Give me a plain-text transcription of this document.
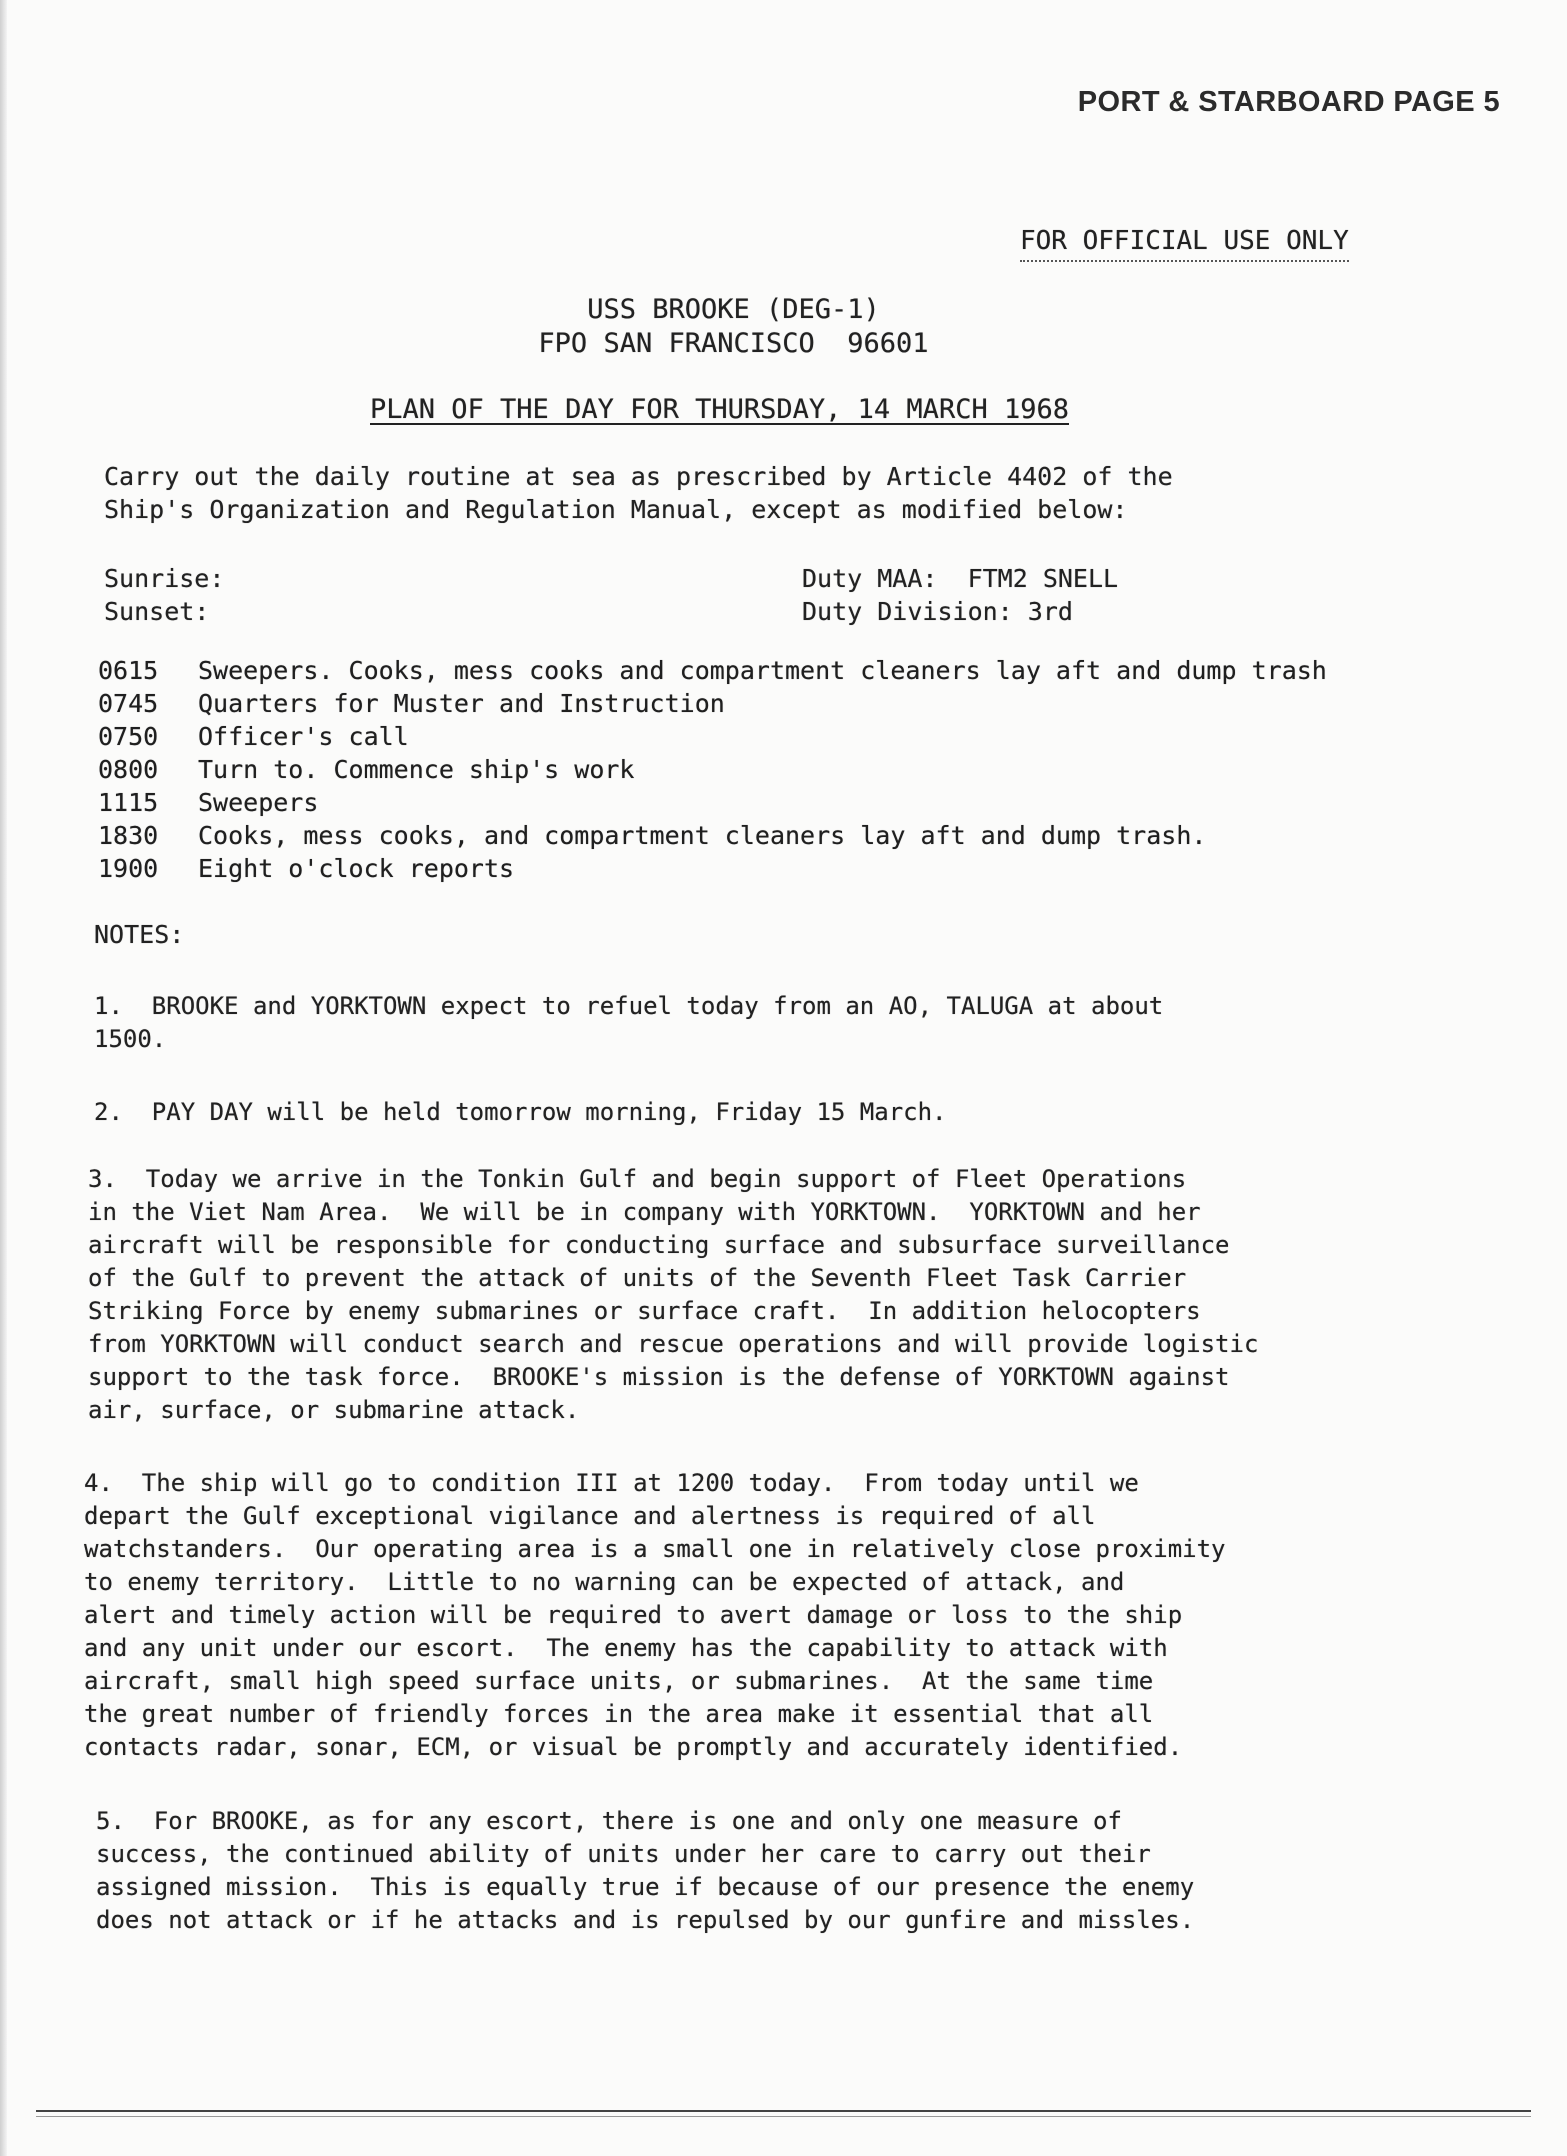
PORT & STARBOARD PAGE 5
FOR OFFICIAL USE ONLY
USS BROOKE (DEG-1)
FPO SAN FRANCISCO  96601
PLAN OF THE DAY FOR THURSDAY, 14 MARCH 1968
Carry out the daily routine at sea as prescribed by Article 4402 of the
Ship's Organization and Regulation Manual, except as modified below:
Sunrise:
Sunset:
Duty MAA:  FTM2 SNELL
Duty Division: 3rd
0615 Sweepers. Cooks, mess cooks and compartment cleaners lay aft and dump trash
0745 Quarters for Muster and Instruction
0750 Officer's call
0800 Turn to. Commence ship's work
1115 Sweepers
1830 Cooks, mess cooks, and compartment cleaners lay aft and dump trash.
1900 Eight o'clock reports
NOTES:
1.  BROOKE and YORKTOWN expect to refuel today from an AO, TALUGA at about
1500.
2.  PAY DAY will be held tomorrow morning, Friday 15 March.
3.  Today we arrive in the Tonkin Gulf and begin support of Fleet Operations
in the Viet Nam Area.  We will be in company with YORKTOWN.  YORKTOWN and her
aircraft will be responsible for conducting surface and subsurface surveillance
of the Gulf to prevent the attack of units of the Seventh Fleet Task Carrier
Striking Force by enemy submarines or surface craft.  In addition helocopters
from YORKTOWN will conduct search and rescue operations and will provide logistic
support to the task force.  BROOKE's mission is the defense of YORKTOWN against
air, surface, or submarine attack.
4.  The ship will go to condition III at 1200 today.  From today until we
depart the Gulf exceptional vigilance and alertness is required of all
watchstanders.  Our operating area is a small one in relatively close proximity
to enemy territory.  Little to no warning can be expected of attack, and
alert and timely action will be required to avert damage or loss to the ship
and any unit under our escort.  The enemy has the capability to attack with
aircraft, small high speed surface units, or submarines.  At the same time
the great number of friendly forces in the area make it essential that all
contacts radar, sonar, ECM, or visual be promptly and accurately identified.
5.  For BROOKE, as for any escort, there is one and only one measure of
success, the continued ability of units under her care to carry out their
assigned mission.  This is equally true if because of our presence the enemy
does not attack or if he attacks and is repulsed by our gunfire and missles.
